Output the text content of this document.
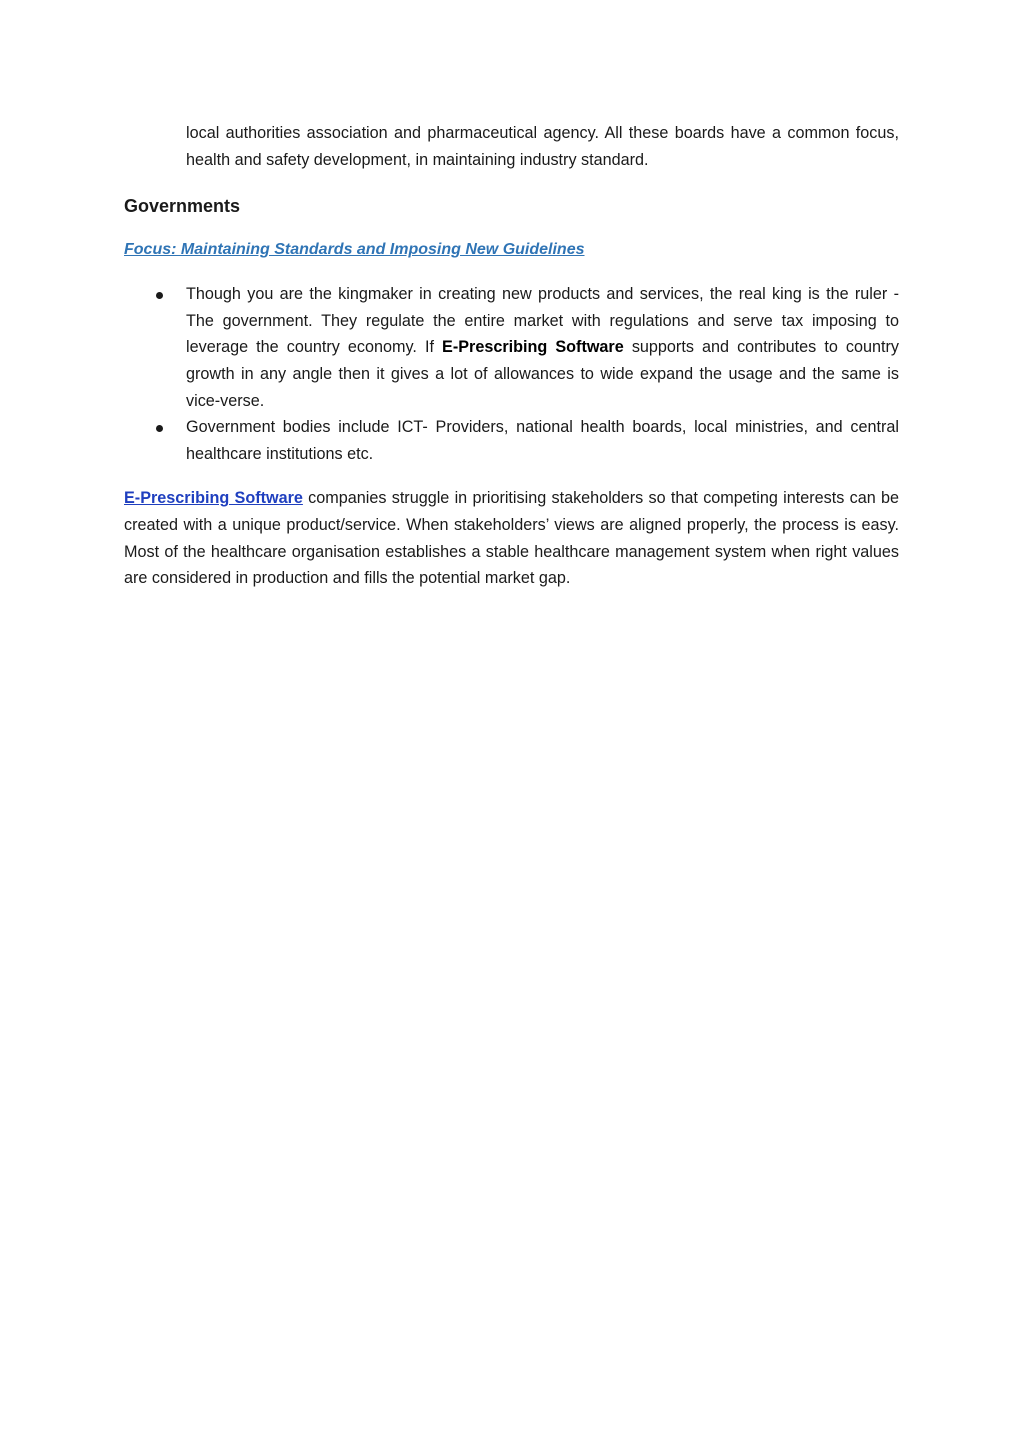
local authorities association and pharmaceutical agency. All these boards have a common focus, health and safety development, in maintaining industry standard.

Governments
Focus: Maintaining Standards and Imposing New Guidelines
Though you are the kingmaker in creating new products and services, the real king is the ruler - The government. They regulate the entire market with regulations and serve tax imposing to leverage the country economy. If E-Prescribing Software supports and contributes to country growth in any angle then it gives a lot of allowances to wide expand the usage and the same is vice-verse.
Government bodies include ICT- Providers, national health boards, local ministries, and central healthcare institutions etc.

E-Prescribing Software companies struggle in prioritising stakeholders so that competing interests can be created with a unique product/service. When stakeholders’ views are aligned properly, the process is easy. Most of the healthcare organisation establishes a stable healthcare management system when right values are considered in production and fills the potential market gap.
